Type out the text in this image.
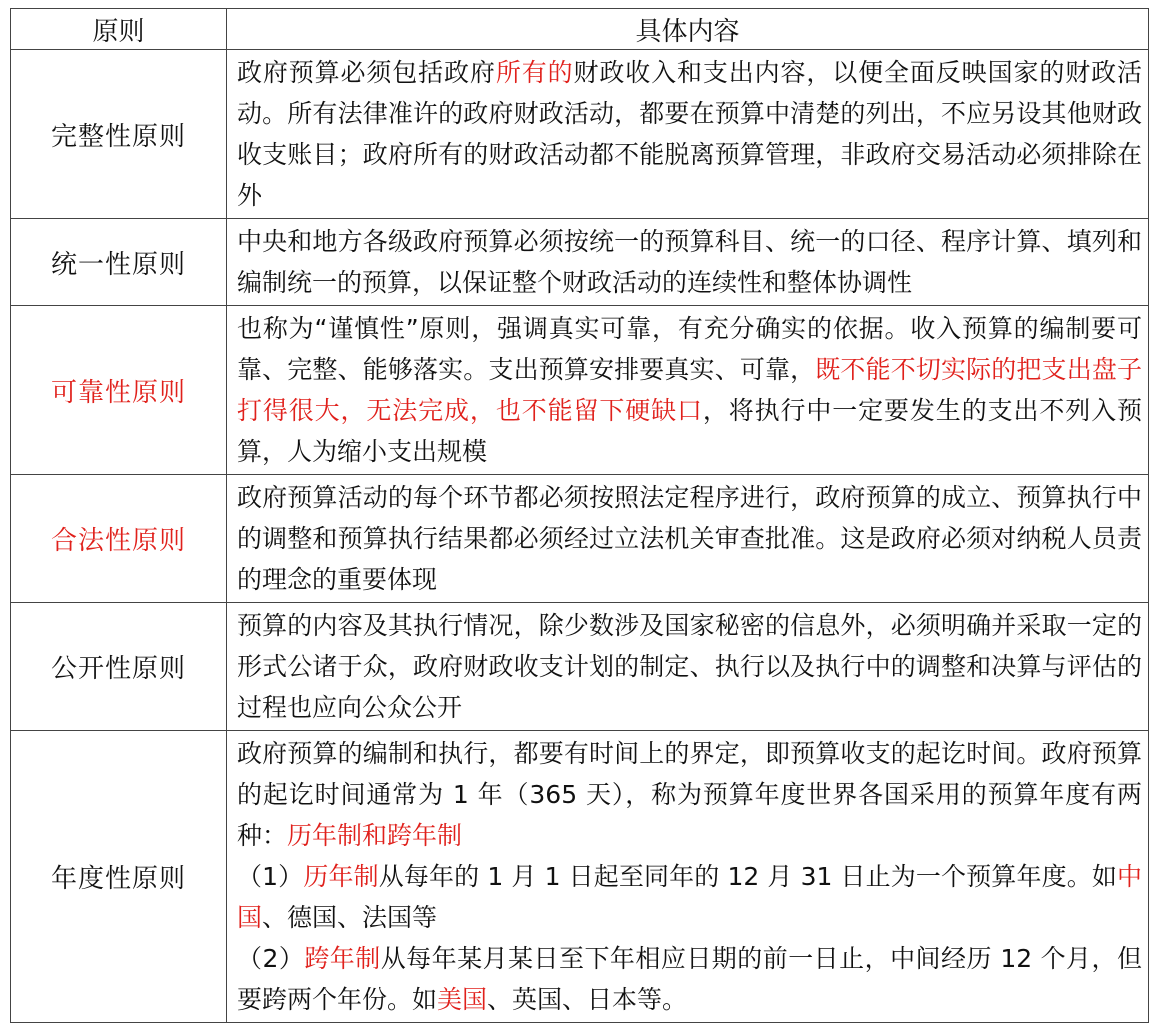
原则	具体内容
完整性原则	政府预算必须包括政府所有的财政收入和支出内容，以便全面反映国家的财政活动。所有法律准许的政府财政活动，都要在预算中清楚的列出，不应另设其他财政收支账目；政府所有的财政活动都不能脱离预算管理，非政府交易活动必须排除在外

统一性原则	中央和地方各级政府预算必须按统一的预算科目、统一的口径、程序计算、填列和编制统一的预算，以保证整个财政活动的连续性和整体协调性

可靠性原则	也称为“谨慎性”原则，强调真实可靠，有充分确实的依据。收入预算的编制要可靠、完整、能够落实。支出预算安排要真实、可靠，既不能不切实际的把支出盘子打得很大，无法完成，也不能留下硬缺口，将执行中一定要发生的支出不列入预算，人为缩小支出规模

合法性原则	政府预算活动的每个环节都必须按照法定程序进行，政府预算的成立、预算执行中的调整和预算执行结果都必须经过立法机关审查批准。这是政府必须对纳税人员责的理念的重要体现

公开性原则	预算的内容及其执行情况，除少数涉及国家秘密的信息外，必须明确并采取一定的形式公诸于众，政府财政收支计划的制定、执行以及执行中的调整和决算与评估的过程也应向公众公开

年度性原则	政府预算的编制和执行，都要有时间上的界定，即预算收支的起讫时间。政府预算的起讫时间通常为 1 年（365 天），称为预算年度世界各国采用的预算年度有两种：历年制和跨年制
（1）历年制从每年的 1 月 1 日起至同年的 12 月 31 日止为一个预算年度。如中国、德国、法国等
（2）跨年制从每年某月某日至下年相应日期的前一日止，中间经历 12 个月，但要跨两个年份。如美国、英国、日本等。
